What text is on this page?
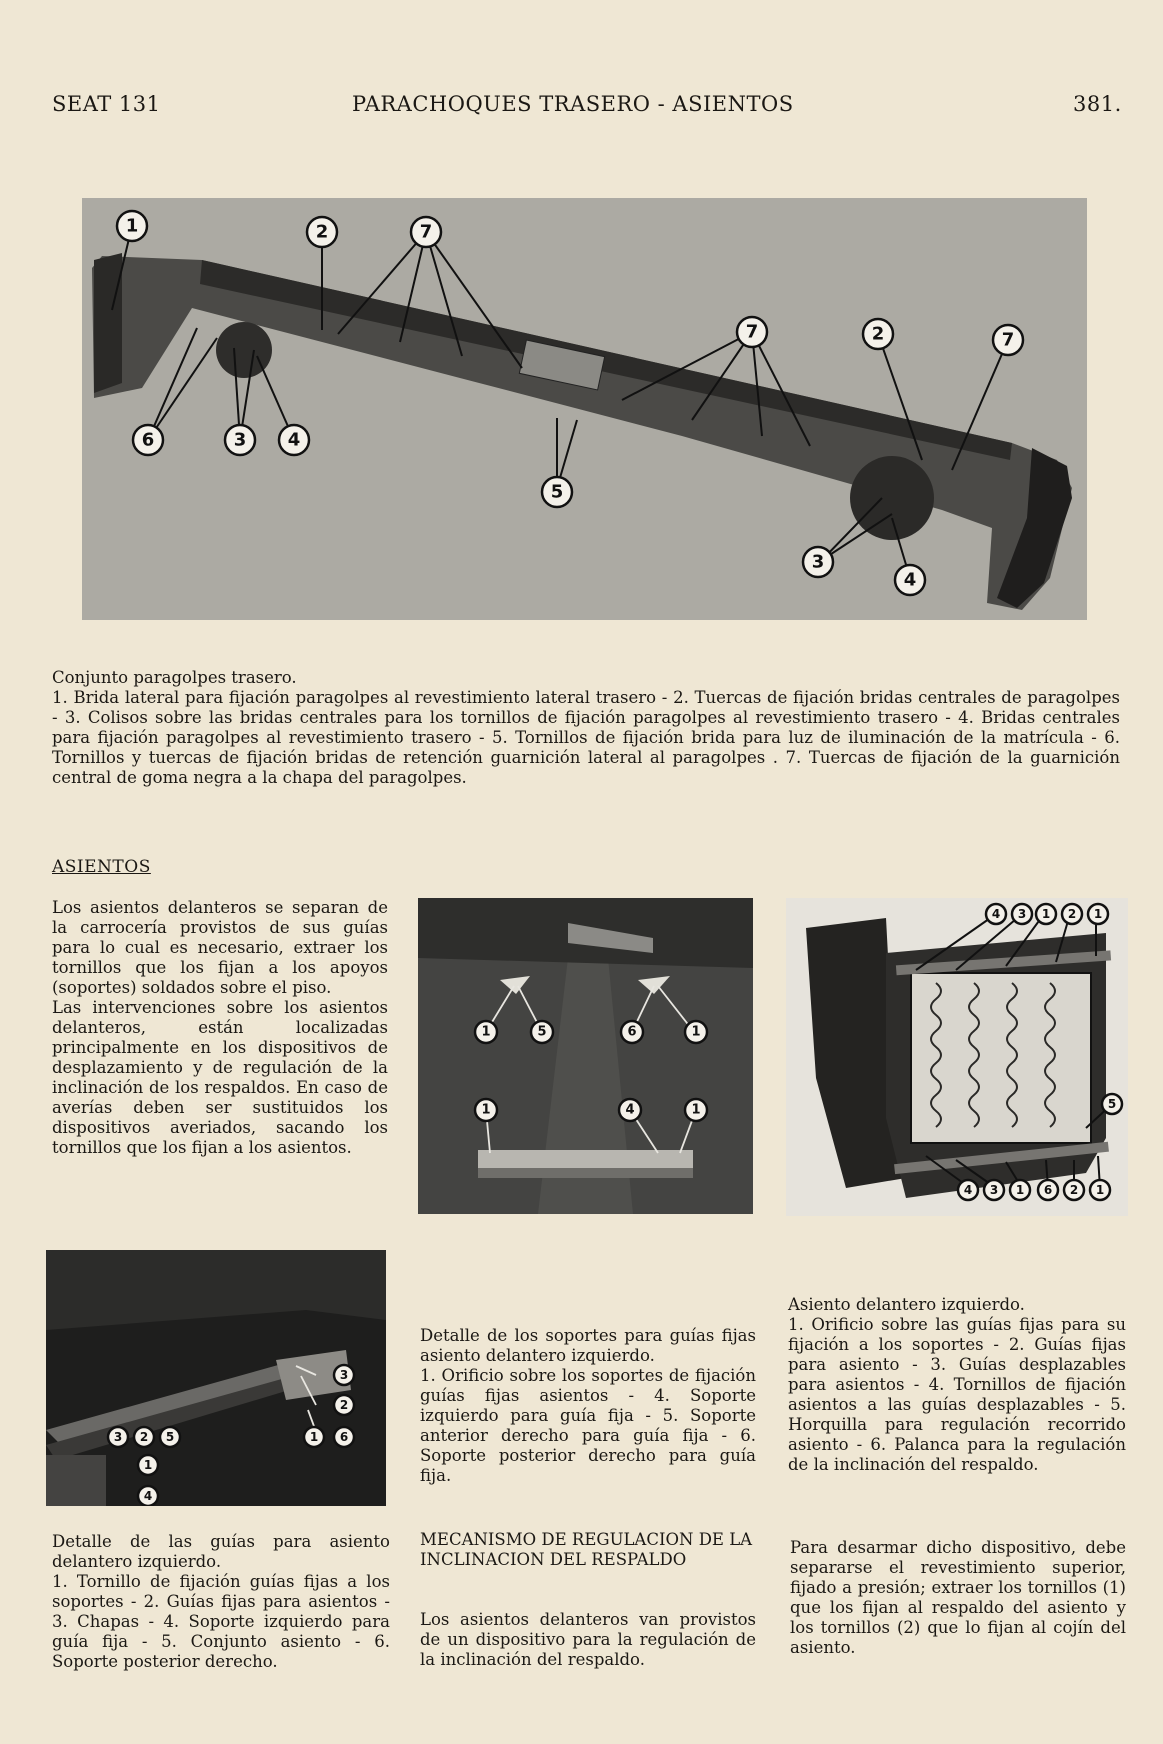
SEAT 131	PARACHOQUES TRASERO - ASIENTOS	381.
1	2	7
7	2	7
6	3 4
5
3
4

Conjunto paragolpes trasero.

1. Brida lateral para fijación paragolpes al revestimiento lateral trasero - 2. Tuercas de fijación bridas centrales de paragolpes - 3. Colisos sobre las bridas centrales para los tornillos de fijación paragolpes al revestimiento trasero - 4. Bridas centrales para fijación paragolpes al revestimiento trasero - 5. Tornillos de fijación brida para luz de iluminación de la matrícula - 6. Tornillos y tuercas de fijación bridas de retención guarnición lateral al paragolpes . 7. Tuercas de fijación de la guarnición central de goma negra a la chapa del paragolpes.

ASIENTOS

Los asientos delanteros se separan de la carrocería provistos de sus guías para lo cual es necesario, extraer los tornillos que los fijan a los apoyos (soportes) soldados sobre el piso.

Las intervenciones sobre los asientos delanteros, están localizadas principalmente en los dispositivos de desplazamiento y de regulación de la inclinación de los respaldos. En caso de averías deben ser sustituidos los dispositivos averiados, sacando los tornillos que los fijan a los asientos.

1	5	6	1
1	4	1
4 3 1 2 1
5
4 3 1 6 2 1
3 2 5
1
4
3
2
1 6

Detalle de los soportes para guías fijas asiento delantero izquierdo.

1. Orificio sobre los soportes de fijación guías fijas asientos - 4. Soporte izquierdo para guía fija - 5. Soporte anterior derecho para guía fija - 6. Soporte posterior derecho para guía fija.

Asiento delantero izquierdo.

1. Orificio sobre las guías fijas para su fijación a los soportes - 2. Guías fijas para asiento - 3. Guías desplazables para asientos - 4. Tornillos de fijación asientos a las guías desplazables - 5. Horquilla para regulación recorrido asiento - 6. Palanca para la regulación de la inclinación del respaldo.

Detalle de las guías para asiento delantero izquierdo.

1. Tornillo de fijación guías fijas a los soportes - 2. Guías fijas para asientos - 3. Chapas - 4. Soporte izquierdo para guía fija - 5. Conjunto asiento - 6. Soporte posterior derecho.

MECANISMO DE REGULACION DE LA INCLINACION DEL RESPALDO
Los asientos delanteros van provistos de un dispositivo para la regulación de la inclinación del respaldo.
Para desarmar dicho dispositivo, debe separarse el revestimiento superior, fijado a presión; extraer los tornillos (1) que los fijan al respaldo del asiento y los tornillos (2) que lo fijan al cojín del asiento.
